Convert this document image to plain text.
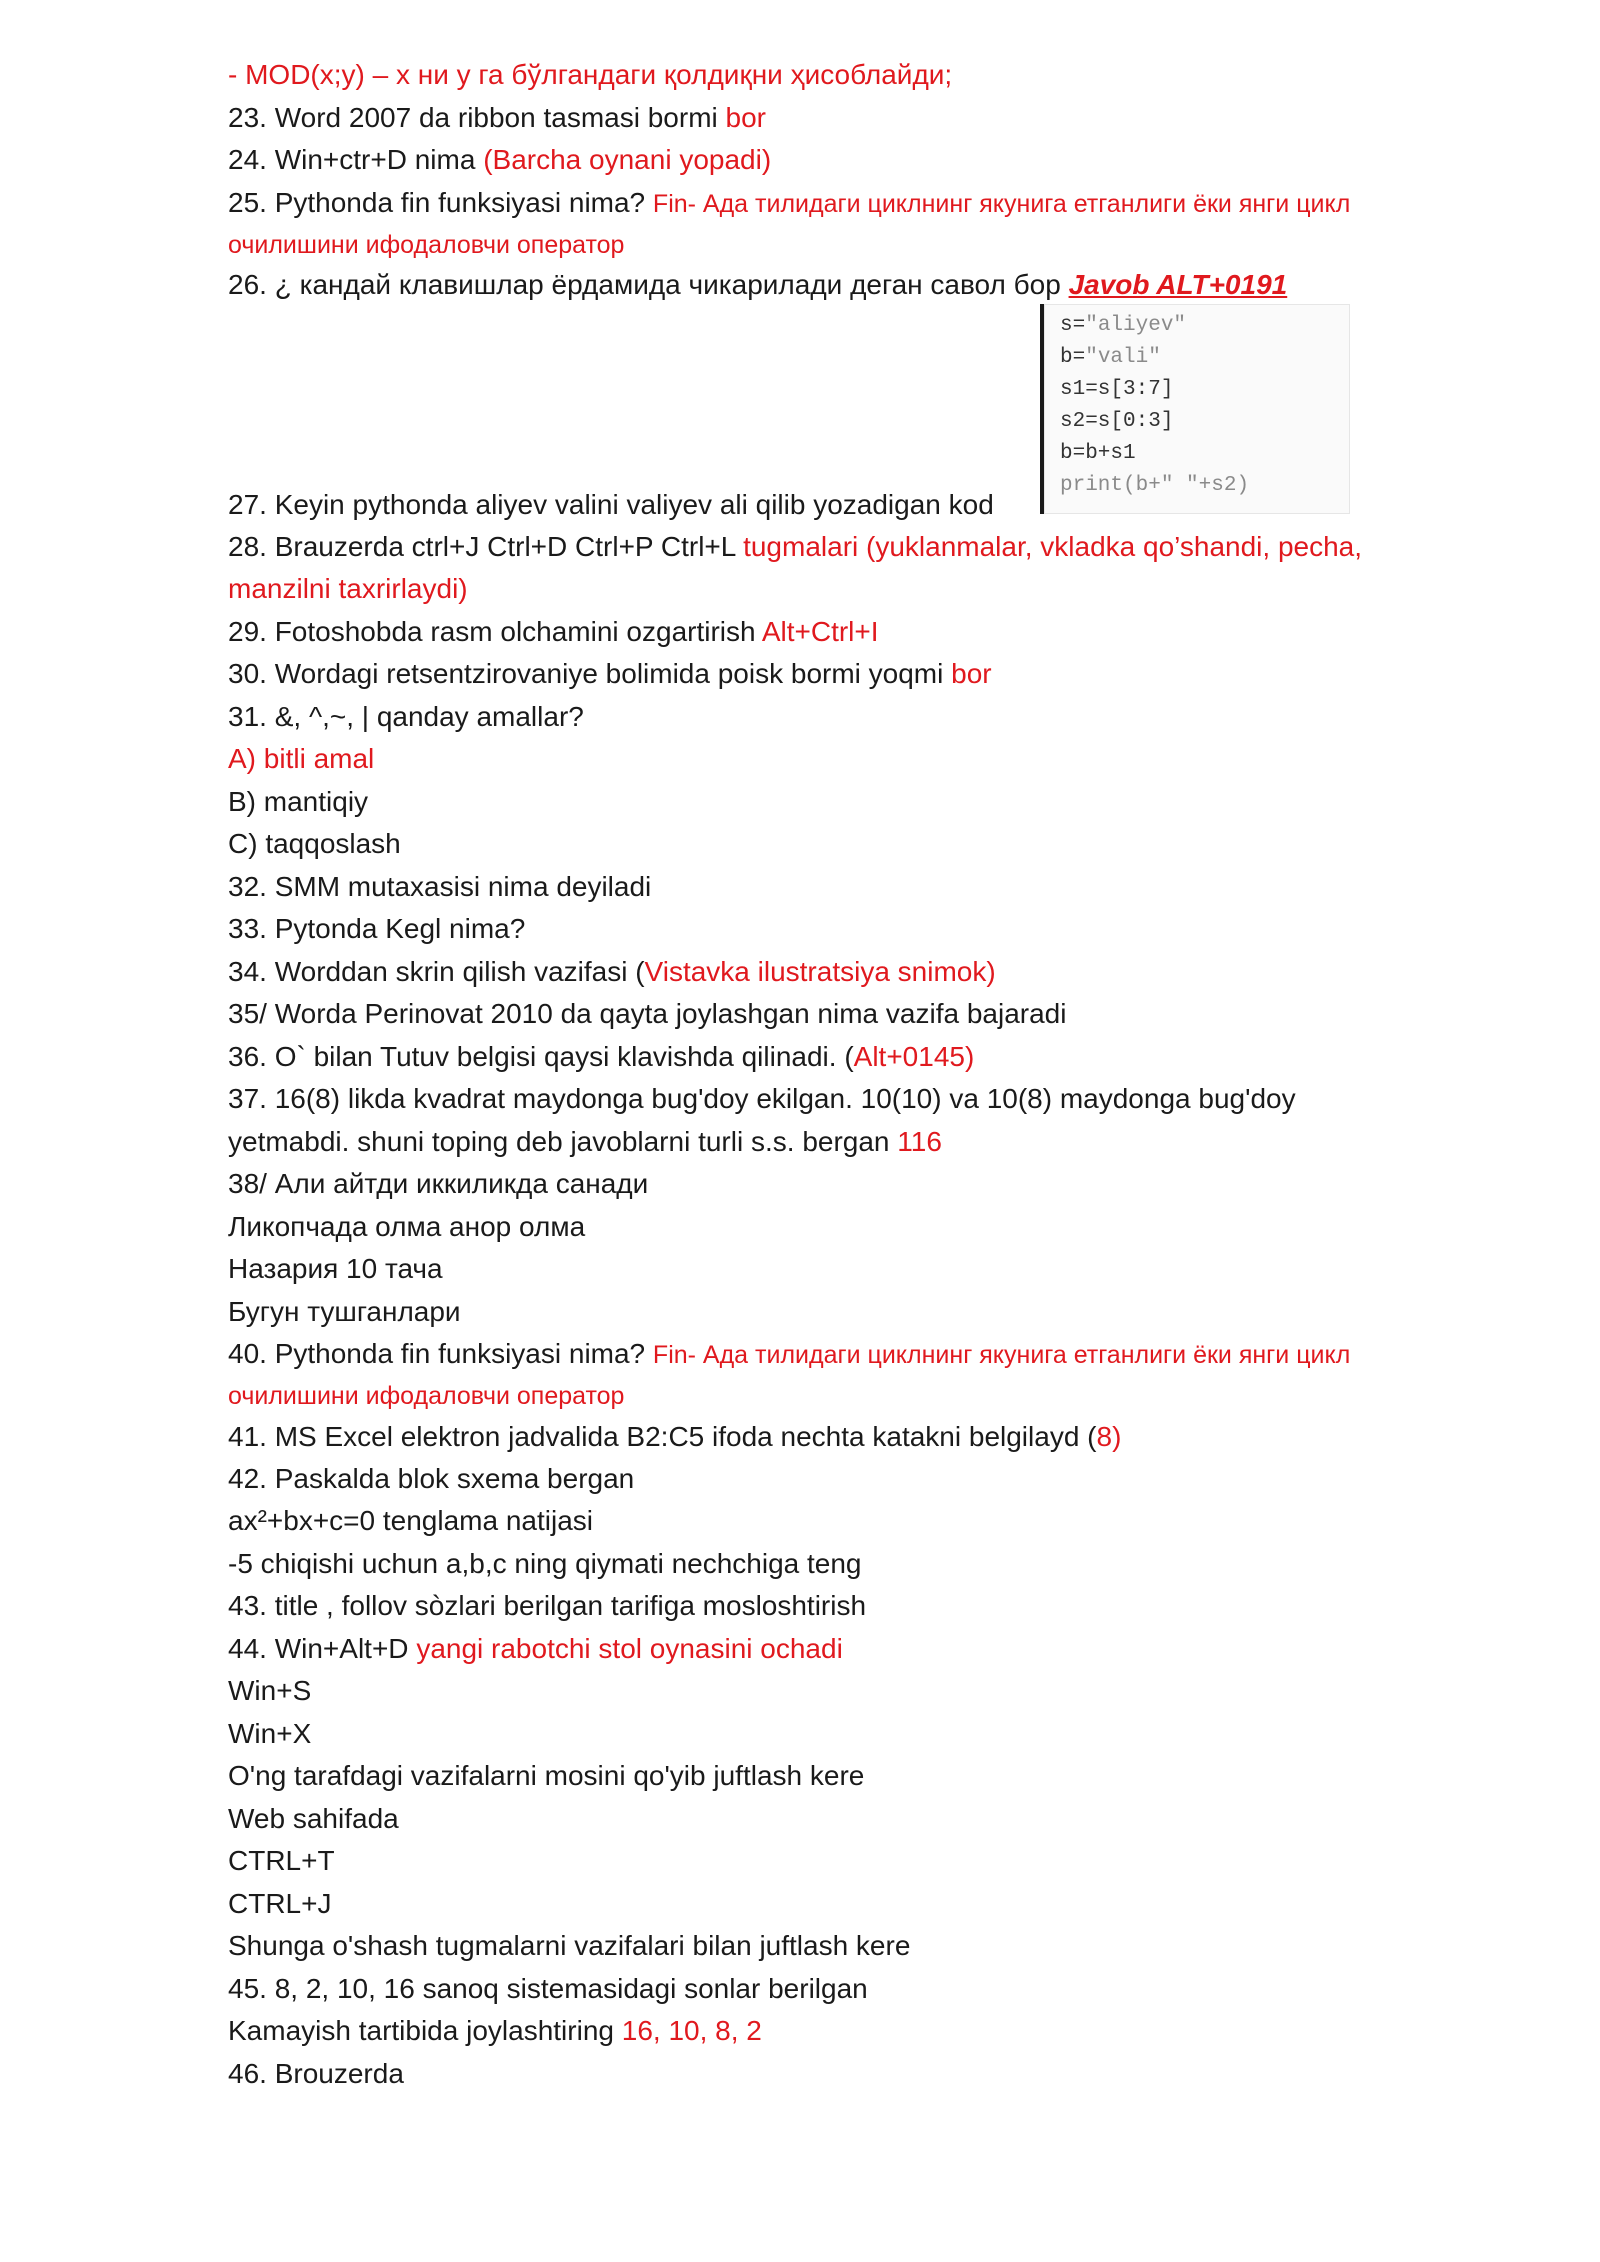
- MOD(x;y) – x ни y га бўлгандаги қолдиқни ҳисоблайди;
23. Word 2007 da ribbon tasmasi bormi bor
24. Win+ctr+D nima (Barcha oynani yopadi)
25. Pythonda fin funksiyasi nima? Fin- Ада тилидаги циклнинг якунига етганлиги ёки янги цикл
очилишини ифодаловчи оператор
26. ¿ кандай клавишлар ёрдамида чикарилади деган савол бор Javob ALT+0191
s="aliyev"
b="vali"
s1=s[3:7]
s2=s[0:3]
b=b+s1
print(b+" "+s2)
27. Keyin pythonda aliyev valini valiyev ali qilib yozadigan kod
28. Brauzerda ctrl+J Ctrl+D Ctrl+P Ctrl+L tugmalari (yuklanmalar, vkladka qo’shandi, pecha,
manzilni taxrirlaydi)
29. Fotoshobda rasm olchamini ozgartirish Alt+Ctrl+I
30. Wordagi retsentzirovaniye bolimida poisk bormi yoqmi bor
31. &, ^,~, | qanday amallar?
A) bitli amal
B) mantiqiy
C) taqqoslash
32. SMM mutaxasisi nima deyiladi
33. Pytonda Kegl nima?
34. Worddan skrin qilish vazifasi (Vistavka ilustratsiya snimok)
35/ Worda Perinovat 2010 da qayta joylashgan nima vazifa bajaradi
36. O` bilan Tutuv belgisi qaysi klavishda qilinadi. (Alt+0145)
37. 16(8) likda kvadrat maydonga bug'doy ekilgan. 10(10) va 10(8) maydonga bug'doy
yetmabdi. shuni toping deb javoblarni turli s.s. bergan 116
38/ Али айтди иккиликда санади
Ликопчада олма анор олма
Назария 10 тача
Бугун тушганлари
40. Pythonda fin funksiyasi nima? Fin- Ада тилидаги циклнинг якунига етганлиги ёки янги цикл
очилишини ифодаловчи оператор
41. MS Excel elektron jadvalida B2:C5 ifoda nechta katakni belgilayd (8)
42. Paskalda blok sxema bergan
ax²+bx+c=0 tenglama natijasi
-5 chiqishi uchun a,b,c ning qiymati nechchiga teng
43. title , follov sòzlari berilgan tarifiga mosloshtirish
44. Win+Alt+D yangi rabotchi stol oynasini ochadi
Win+S
Win+X
O'ng tarafdagi vazifalarni mosini qo'yib juftlash kere
Web sahifada
CTRL+T
CTRL+J
Shunga o'shash tugmalarni vazifalari bilan juftlash kere
45. 8, 2, 10, 16 sanoq sistemasidagi sonlar berilgan
Kamayish tartibida joylashtiring 16, 10, 8, 2
46. Brouzerda
